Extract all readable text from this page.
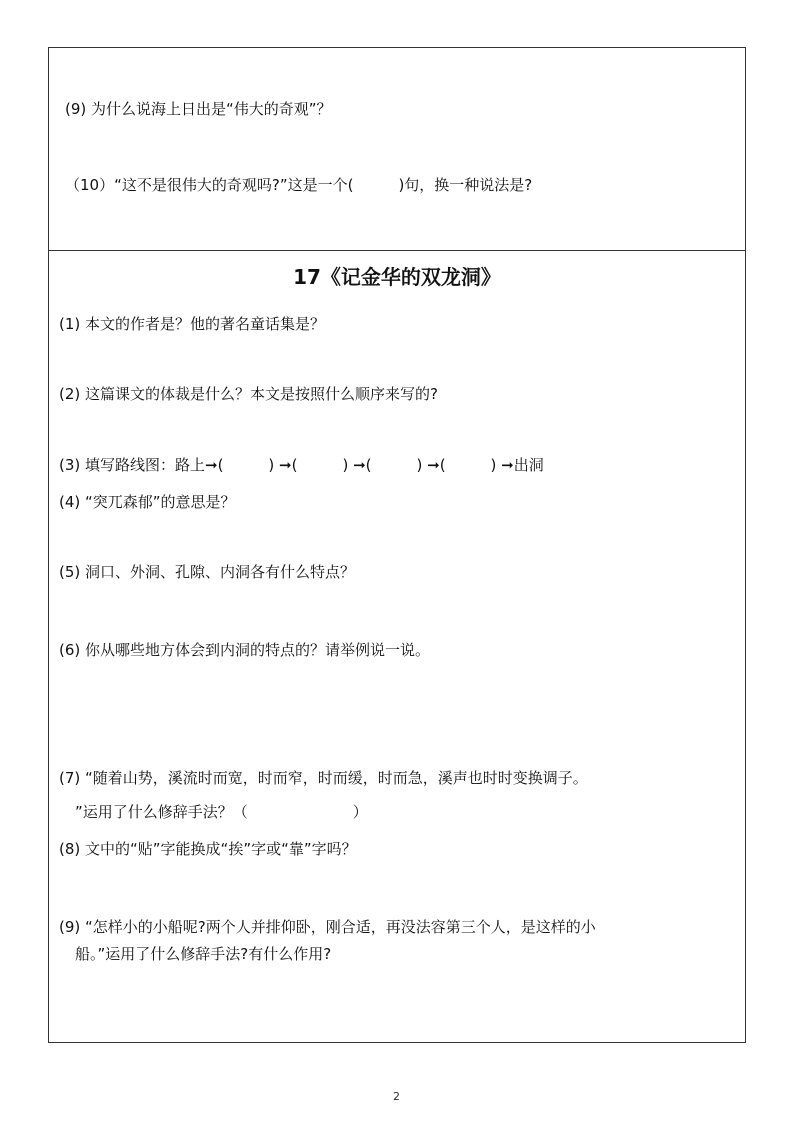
(9) 为什么说海上日出是“伟大的奇观”？
（10）“这不是很伟大的奇观吗?”这是一个(　　　)句，换一种说法是?
17《记金华的双龙洞》
(1) 本文的作者是？他的著名童话集是？
(2) 这篇课文的体裁是什么？本文是按照什么顺序来写的?
(3) 填写路线图：路上➞(　　　) ➞(　　　) ➞(　　　) ➞(　　　) ➞出洞
(4) “突兀森郁”的意思是？
(5) 洞口、外洞、孔隙、内洞各有什么特点？
(6) 你从哪些地方体会到内洞的特点的？请举例说一说。
(7) “随着山势，溪流时而宽，时而窄，时而缓，时而急，溪声也时时变换调子。
”运用了什么修辞手法？（　　　　　　　）
(8) 文中的“贴”字能换成“挨”字或“靠”字吗？
(9) “怎样小的小船呢?两个人并排仰卧，刚合适，再没法容第三个人，是这样的小
船。”运用了什么修辞手法?有什么作用?
2
